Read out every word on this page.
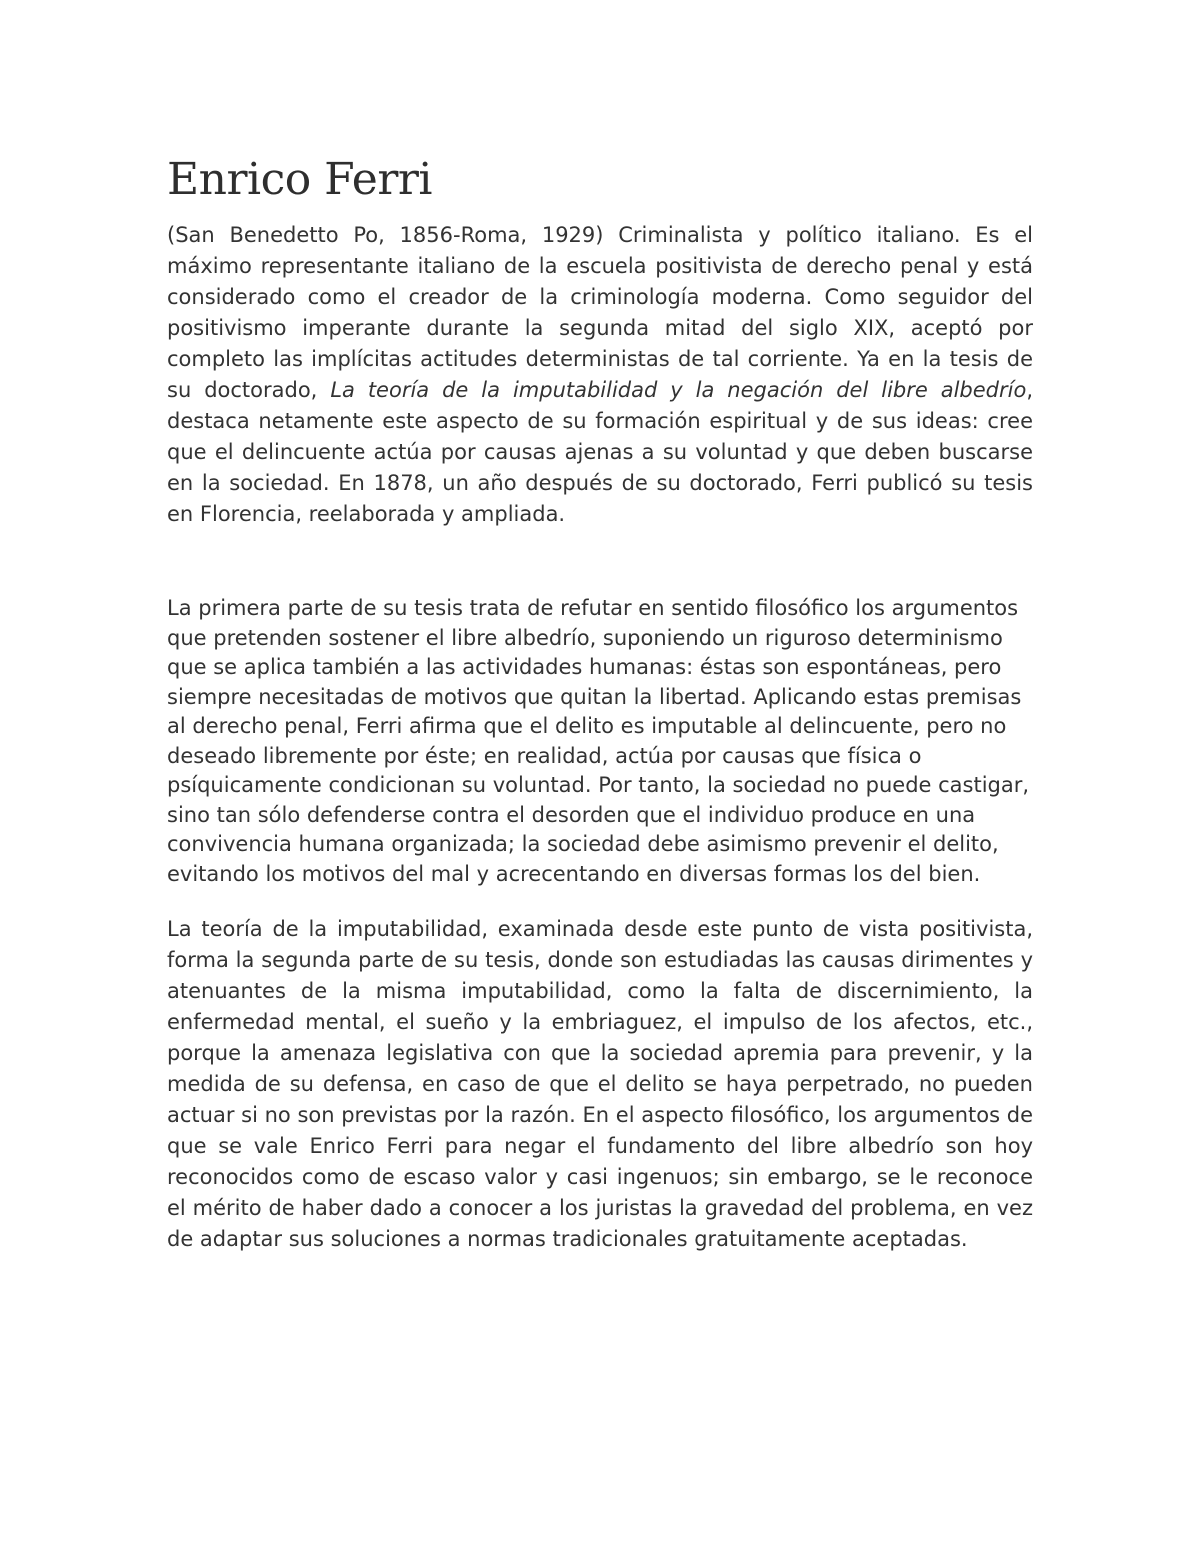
Enrico Ferri

(San Benedetto Po, 1856-Roma, 1929) Criminalista y político italiano. Es el máximo representante italiano de la escuela positivista de derecho penal y está considerado como el creador de la criminología moderna. Como seguidor del positivismo imperante durante la segunda mitad del siglo XIX, aceptó por completo las implícitas actitudes deterministas de tal corriente. Ya en la tesis de su doctorado, La teoría de la imputabilidad y la negación del libre albedrío, destaca netamente este aspecto de su formación espiritual y de sus ideas: cree que el delincuente actúa por causas ajenas a su voluntad y que deben buscarse en la sociedad. En 1878, un año después de su doctorado, Ferri publicó su tesis en Florencia, reelaborada y ampliada.

La primera parte de su tesis trata de refutar en sentido filosófico los argumentos que pretenden sostener el libre albedrío, suponiendo un riguroso determinismo que se aplica también a las actividades humanas: éstas son espontáneas, pero siempre necesitadas de motivos que quitan la libertad. Aplicando estas premisas al derecho penal, Ferri afirma que el delito es imputable al delincuente, pero no deseado libremente por éste; en realidad, actúa por causas que física o psíquicamente condicionan su voluntad. Por tanto, la sociedad no puede castigar, sino tan sólo defenderse contra el desorden que el individuo produce en una convivencia humana organizada; la sociedad debe asimismo prevenir el delito, evitando los motivos del mal y acrecentando en diversas formas los del bien.

La teoría de la imputabilidad, examinada desde este punto de vista positivista, forma la segunda parte de su tesis, donde son estudiadas las causas dirimentes y atenuantes de la misma imputabilidad, como la falta de discernimiento, la enfermedad mental, el sueño y la embriaguez, el impulso de los afectos, etc., porque la amenaza legislativa con que la sociedad apremia para prevenir, y la medida de su defensa, en caso de que el delito se haya perpetrado, no pueden actuar si no son previstas por la razón. En el aspecto filosófico, los argumentos de que se vale Enrico Ferri para negar el fundamento del libre albedrío son hoy reconocidos como de escaso valor y casi ingenuos; sin embargo, se le reconoce el mérito de haber dado a conocer a los juristas la gravedad del problema, en vez de adaptar sus soluciones a normas tradicionales gratuitamente aceptadas.
